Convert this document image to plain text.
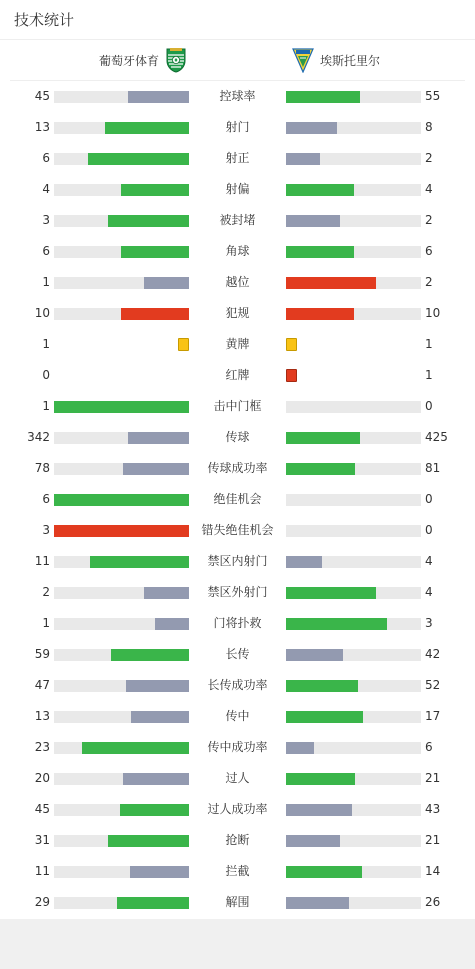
技术统计
葡萄牙体育	埃斯托里尔
45	控球率	55
13	射门	8
6	射正	2
4	射偏	4
3	被封堵	2
6	角球	6
1	越位	2
10	犯规	10
1	黄牌	1
0	红牌	1
1	击中门框	0
342	传球	425
78	传球成功率	81
6	绝佳机会	0
3	错失绝佳机会	0
11	禁区内射门	4
2	禁区外射门	4
1	门将扑救	3
59	长传	42
47	长传成功率	52
13	传中	17
23	传中成功率	6
20	过人	21
45	过人成功率	43
31	抢断	21
11	拦截	14
29	解围	26
